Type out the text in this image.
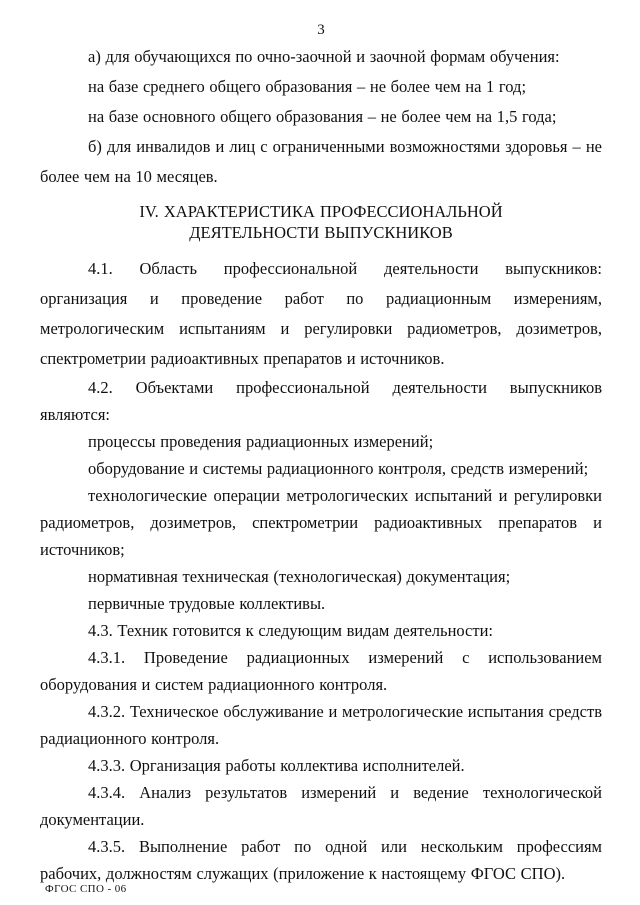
3

а) для обучающихся по очно-заочной и заочной формам обучения:

на базе среднего общего образования – не более чем на 1 год;

на базе основного общего образования – не более чем на 1,5 года;

б) для инвалидов и лиц с ограниченными возможностями здоровья – не более чем на 10 месяцев.

IV. ХАРАКТЕРИСТИКА ПРОФЕССИОНАЛЬНОЙ
ДЕЯТЕЛЬНОСТИ ВЫПУСКНИКОВ

4.1. Область профессиональной деятельности выпускников: организация и проведение работ по радиационным измерениям, метрологическим испытаниям и регулировки радиометров, дозиметров, спектрометрии радиоактивных препаратов и источников.

4.2. Объектами профессиональной деятельности выпускников являются:

процессы проведения радиационных измерений;

оборудование и системы радиационного контроля, средств измерений;

технологические операции метрологических испытаний и регулировки радиометров, дозиметров, спектрометрии радиоактивных препаратов и источников;

нормативная техническая (технологическая) документация;

первичные трудовые коллективы.

4.3. Техник готовится к следующим видам деятельности:

4.3.1. Проведение радиационных измерений с использованием оборудования и систем радиационного контроля.

4.3.2. Техническое обслуживание и метрологические испытания средств радиационного контроля.

4.3.3. Организация работы коллектива исполнителей.

4.3.4. Анализ результатов измерений и ведение технологической документации.

4.3.5. Выполнение работ по одной или нескольким профессиям рабочих, должностям служащих (приложение к настоящему ФГОС СПО).

ФГОС СПО - 06
